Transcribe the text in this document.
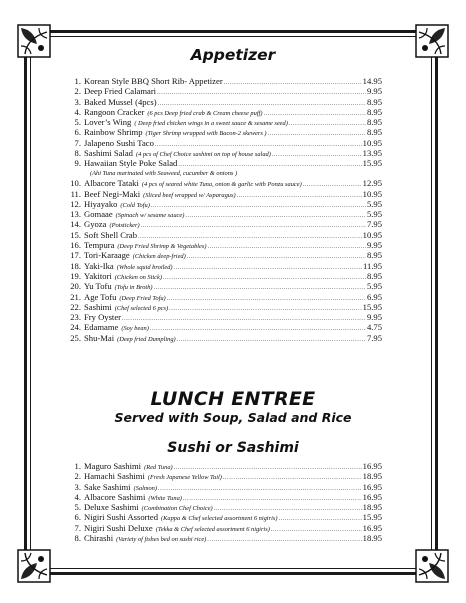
Appetizer
1. Korean Style BBQ Short Rib- Appetizer .....	14.95
2. Deep Fried Calamari .....	9.95
3. Baked Mussel (4pcs) .....	8.95
4. Rangoon Cracker (6 pcs Deep fried crab & Cream cheese puff) .....	8.95
5. Lover’s Wing ( Deep fried chicken wings in a sweet sauce & sesame seed) .....	8.95
6. Rainbow Shrimp (Tiger Shrimp wrapped with Bacon-2 skewers ) .....	8.95
7. Jalapeno Sushi Taco .....	10.95
8. Sashimi Salad (4 pcs of Chef Choice sashimi on top of house salad) .....	13.95
9. Hawaiian Style Poke Salad .....	15.95
(Ahi Tuna marinated with Seaweed, cucumber & onions )
10. Albacore Tataki (4 pcs of seared white Tuna, onion & garlic with Ponzu sauce) .....	12.95
11. Beef Negi-Maki (Sliced beef wrapped w/ Asparagus) .....	10.95
12. Hiyayako (Cold Tofu) .....	5.95
13. Gomaae (Spinach w/ sesame sauce) .....	5.95
14. Gyoza (Potsticker) .....	7.95
15. Soft Shell Crab .....	10.95
16. Tempura (Deep Fried Shrimp & Vegetables) .....	9.95
17. Tori-Karaage (Chicken deep-fried) .....	8.95
18. Yaki-Ika (Whole squid broiled) .....	11.95
19. Yakitori (Chicken on Stick) .....	8.95
20. Yu Tofu (Tofu in Broth) .....	5.95
21. Age Tofu (Deep Fried Tofu) .....	6.95
22. Sashimi (Chef selected 6 pcs) .....	15.95
23. Fry Oyster .....	9.95
24. Edamame (Soy bean) .....	4.75
25. Shu-Mai (Deep fried Dumpling) .....	7.95
LUNCH ENTREE
Served with Soup, Salad and Rice
Sushi or Sashimi
1. Maguro Sashimi (Red Tuna) .....	16.95
2. Hamachi Sashimi (Fresh Japanese Yellow Tail) .....	18.95
3. Sake Sashimi (Salmon) .....	16.95
4. Albacore Sashimi (White Tuna) .....	16.95
5. Deluxe Sashimi (Combination Chef Choice) .....	18.95
6. Nigiri Sushi Assorted (Kappa & Chef selected assortment 6 nigiris) .....	15.95
7. Nigiri Sushi Deluxe (Tekka & Chef selected assortment 6 nigiris) .....	16.95
8. Chirashi (Variety of fishes bed on sushi rice) .....	18.95
